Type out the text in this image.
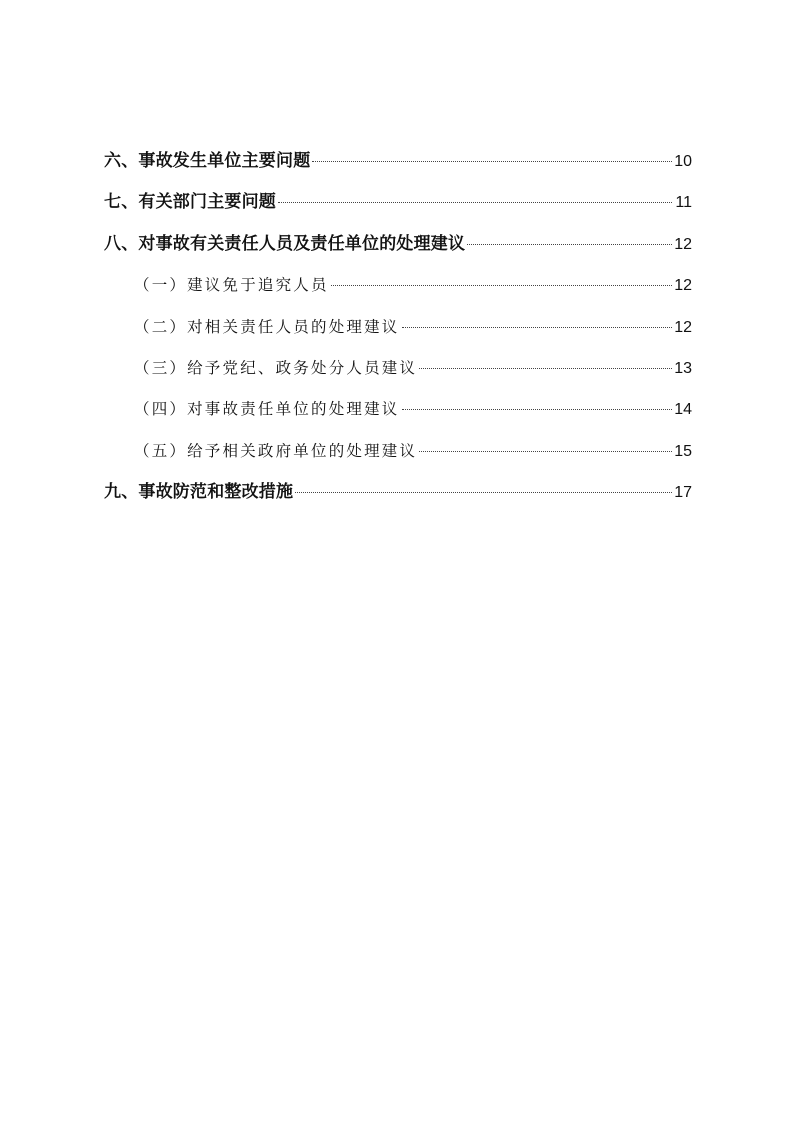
六、事故发生单位主要问题	10
七、有关部门主要问题	11
八、对事故有关责任人员及责任单位的处理建议	12
（一）建议免于追究人员	12
（二）对相关责任人员的处理建议	12
（三）给予党纪、政务处分人员建议	13
（四）对事故责任单位的处理建议	14
（五）给予相关政府单位的处理建议	15
九、事故防范和整改措施	17
